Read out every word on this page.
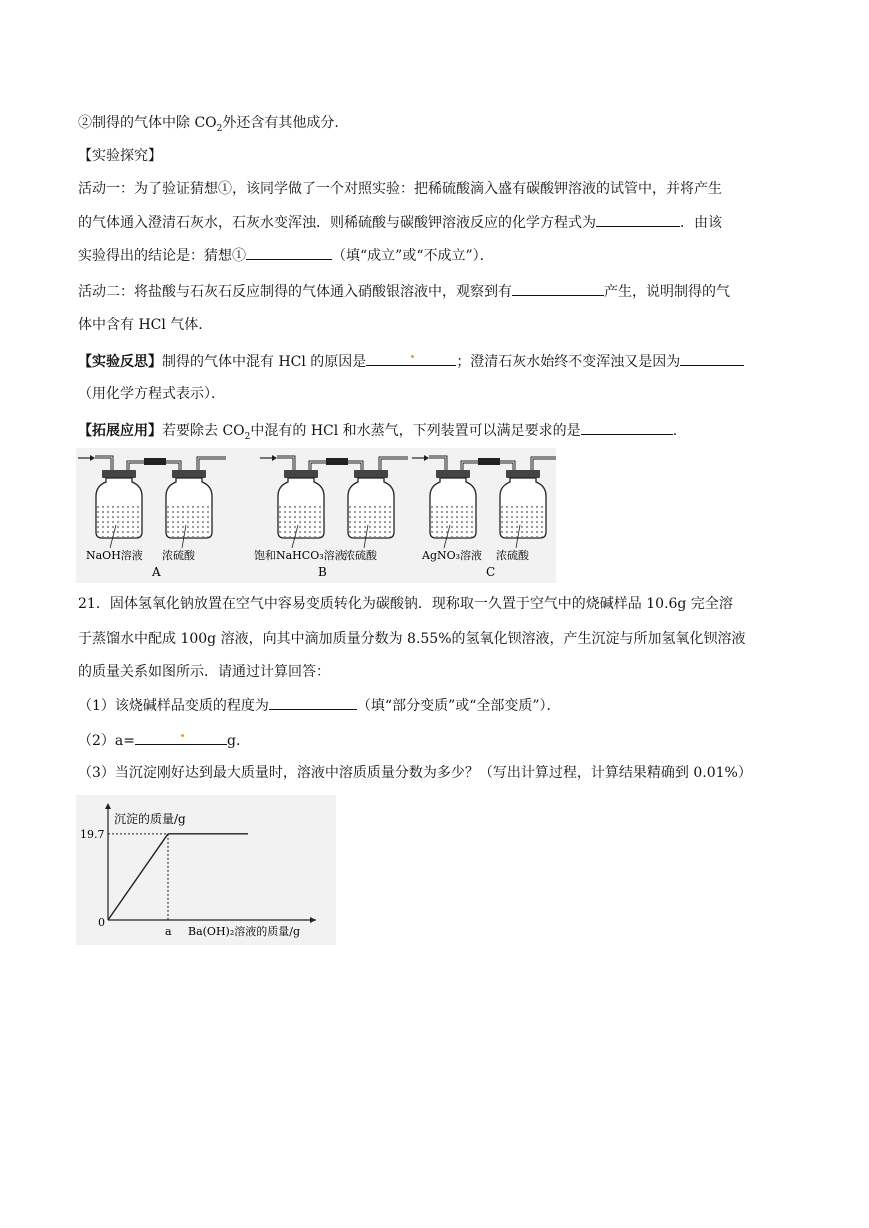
②制得的气体中除 $CO_2$外还含有其他成分.
【实验探究】
活动一：为了验证猜想①，该同学做了一个对照实验：把稀硫酸滴入盛有碳酸钾溶液的试管中，并将产生
的气体通入澄清石灰水，石灰水变浑浊．则稀硫酸与碳酸钾溶液反应的化学方程式为	．由该
实验得出的结论是：猜想①	（填“成立”或“不成立”）．
活动二：将盐酸与石灰石反应制得的气体通入硝酸银溶液中，观察到有	产生，说明制得的气
体中含有 HCl 气体.
【实验反思】制得的气体中混有 HCl 的原因是	；澄清石灰水始终不变浑浊又是因为
（用化学方程式表示）．
【拓展应用】若要除去 $CO_2$中混有的 HCl 和水蒸气，下列装置可以满足要求的是	.
NaOH溶液 浓硫酸
A
饱和NaHCO₃溶液
浓硫酸
B
AgNO₃溶液 浓硫酸
C
21．固体氢氧化钠放置在空气中容易变质转化为碳酸钠．现称取一久置于空气中的烧碱样品 10.6g 完全溶
于蒸馏水中配成 100g 溶液，向其中滴加质量分数为 8.55%的氢氧化钡溶液，产生沉淀与所加氢氧化钡溶液
的质量关系如图所示．请通过计算回答：
（1）该烧碱样品变质的程度为	（填“部分变质”或“全部变质”）．
（2）a=	g.
（3）当沉淀刚好达到最大质量时，溶液中溶质质量分数为多少？（写出计算过程，计算结果精确到 0.01%）
沉淀的质量/g
19.7
0
a Ba(OH)₂溶液的质量/g
